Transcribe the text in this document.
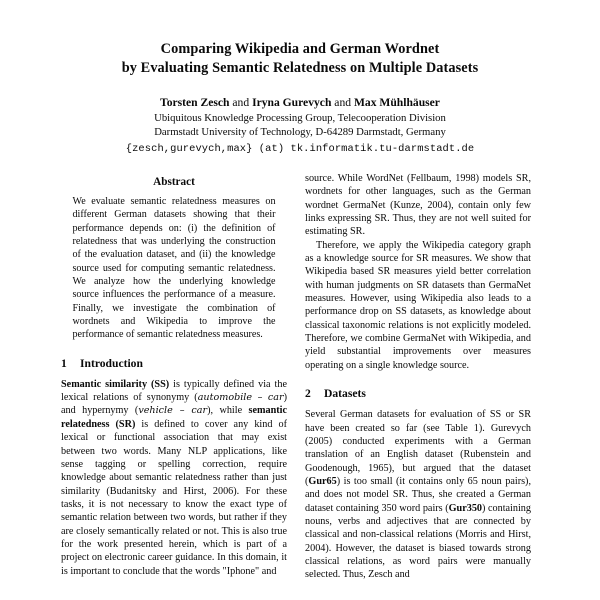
Comparing Wikipedia and German Wordnet
by Evaluating Semantic Relatedness on Multiple Datasets
Torsten Zesch and Iryna Gurevych and Max Mühlhäuser
Ubiquitous Knowledge Processing Group, Telecooperation Division
Darmstadt University of Technology, D-64289 Darmstadt, Germany
{zesch,gurevych,max} (at) tk.informatik.tu-darmstadt.de
Abstract
We evaluate semantic relatedness measures on different German datasets showing that their performance depends on: (i) the definition of relatedness that was underlying the construction of the evaluation dataset, and (ii) the knowledge source used for computing semantic relatedness. We analyze how the underlying knowledge source influences the performance of a measure. Finally, we investigate the combination of wordnets and Wikipedia to improve the performance of semantic relatedness measures.
1 Introduction

Semantic similarity (SS) is typically defined via the lexical relations of synonymy (automobile – car) and hypernymy (vehicle – car), while semantic relatedness (SR) is defined to cover any kind of lexical or functional association that may exist between two words. Many NLP applications, like sense tagging or spelling correction, require knowledge about semantic relatedness rather than just similarity (Budanitsky and Hirst, 2006). For these tasks, it is not necessary to know the exact type of semantic relation between two words, but rather if they are closely semantically related or not. This is also true for the work presented herein, which is part of a project on electronic career guidance. In this domain, it is important to conclude that the words "Iphone" and

source. While WordNet (Fellbaum, 1998) models SR, wordnets for other languages, such as the German wordnet GermaNet (Kunze, 2004), contain only few links expressing SR. Thus, they are not well suited for estimating SR.

Therefore, we apply the Wikipedia category graph as a knowledge source for SR measures. We show that Wikipedia based SR measures yield better correlation with human judgments on SR datasets than GermaNet measures. However, using Wikipedia also leads to a performance drop on SS datasets, as knowledge about classical taxonomic relations is not explicitly modeled. Therefore, we combine GermaNet with Wikipedia, and yield substantial improvements over measures operating on a single knowledge source.

2 Datasets

Several German datasets for evaluation of SS or SR have been created so far (see Table 1). Gurevych (2005) conducted experiments with a German translation of an English dataset (Rubenstein and Goodenough, 1965), but argued that the dataset (Gur65) is too small (it contains only 65 noun pairs), and does not model SR. Thus, she created a German dataset containing 350 word pairs (Gur350) containing nouns, verbs and adjectives that are connected by classical and non-classical relations (Morris and Hirst, 2004). However, the dataset is biased towards strong classical relations, as word pairs were manually selected. Thus, Zesch and
